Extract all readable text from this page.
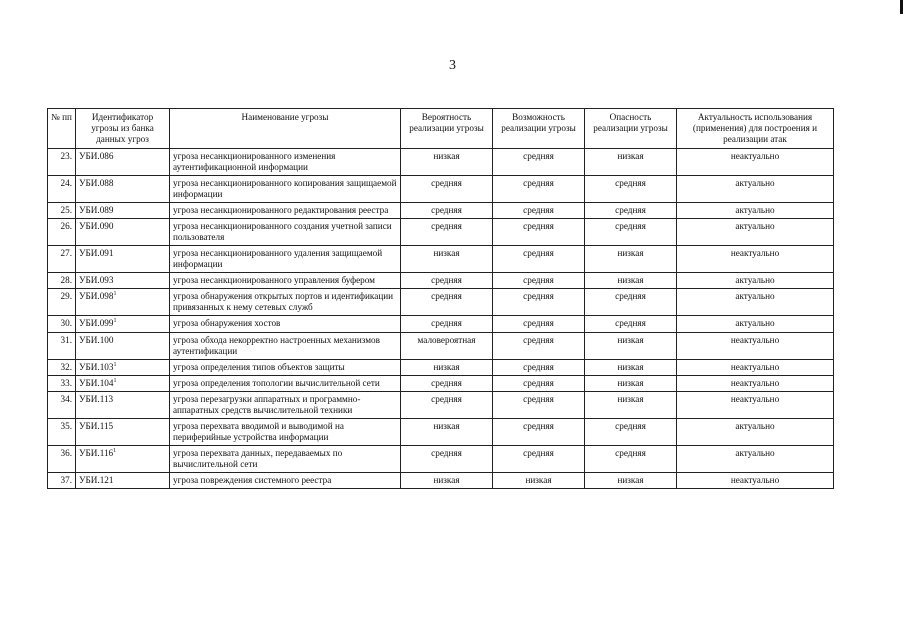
3
№ пп	Идентификатор угрозы из банка данных угроз	Наименование угрозы	Вероятность реализации угрозы	Возможность реализации угрозы	Опасность реализации угрозы	Актуальность использования (применения) для построения и реализации атак
23.	УБИ.086	угроза несанкционированного изменения аутентификационной информации	низкая	средняя	низкая	неактуально
24.	УБИ.088	угроза несанкционированного копирования защищаемой информации	средняя	средняя	средняя	актуально
25.	УБИ.089	угроза несанкционированного редактирования реестра	средняя	средняя	средняя	актуально
26.	УБИ.090	угроза несанкционированного создания учетной записи пользователя	средняя	средняя	средняя	актуально
27.	УБИ.091	угроза несанкционированного удаления защищаемой информации	низкая	средняя	низкая	неактуально
28.	УБИ.093	угроза несанкционированного управления буфером	средняя	средняя	низкая	актуально
29.	УБИ.098$^1$	угроза обнаружения открытых портов и идентификации привязанных к нему сетевых служб	средняя	средняя	средняя	актуально
30.	УБИ.099$^1$	угроза обнаружения хостов	средняя	средняя	средняя	актуально
31.	УБИ.100	угроза обхода некорректно настроенных механизмов аутентификации	маловероятная	средняя	низкая	неактуально
32.	УБИ.103$^1$	угроза определения типов объектов защиты	низкая	средняя	низкая	неактуально
33.	УБИ.104$^1$	угроза определения топологии вычислительной сети	средняя	средняя	низкая	неактуально
34.	УБИ.113	угроза перезагрузки аппаратных и программно-аппаратных средств вычислительной техники	средняя	средняя	низкая	неактуально
35.	УБИ.115	угроза перехвата вводимой и выводимой на периферийные устройства информации	низкая	средняя	средняя	актуально
36.	УБИ.116$^1$	угроза перехвата данных, передаваемых по вычислительной сети	средняя	средняя	средняя	актуально
37.	УБИ.121	угроза повреждения системного реестра	низкая	низкая	низкая	неактуально
